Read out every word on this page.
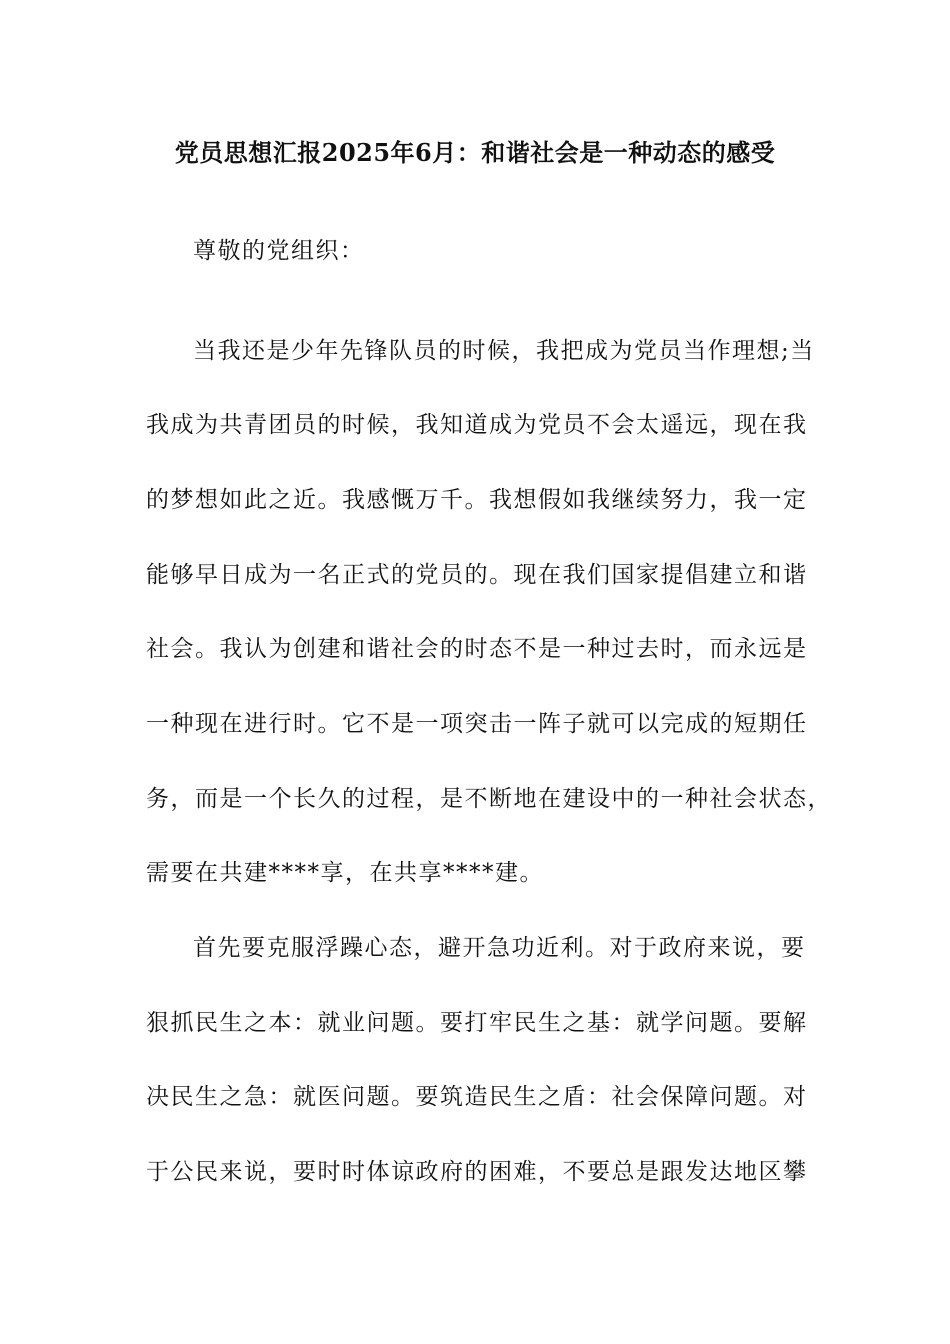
党员思想汇报2025年6月：和谐社会是一种动态的感受
尊敬的党组织：
当我还是少年先锋队员的时候，我把成为党员当作理想;当
我成为共青团员的时候，我知道成为党员不会太遥远，现在我
的梦想如此之近。我感慨万千。我想假如我继续努力，我一定
能够早日成为一名正式的党员的。现在我们国家提倡建立和谐
社会。我认为创建和谐社会的时态不是一种过去时，而永远是
一种现在进行时。它不是一项突击一阵子就可以完成的短期任
务，而是一个长久的过程，是不断地在建设中的一种社会状态，
需要在共建****享，在共享****建。
首先要克服浮躁心态，避开急功近利。对于政府来说，要
狠抓民生之本：就业问题。要打牢民生之基：就学问题。要解
决民生之急：就医问题。要筑造民生之盾：社会保障问题。对
于公民来说，要时时体谅政府的困难，不要总是跟发达地区攀
